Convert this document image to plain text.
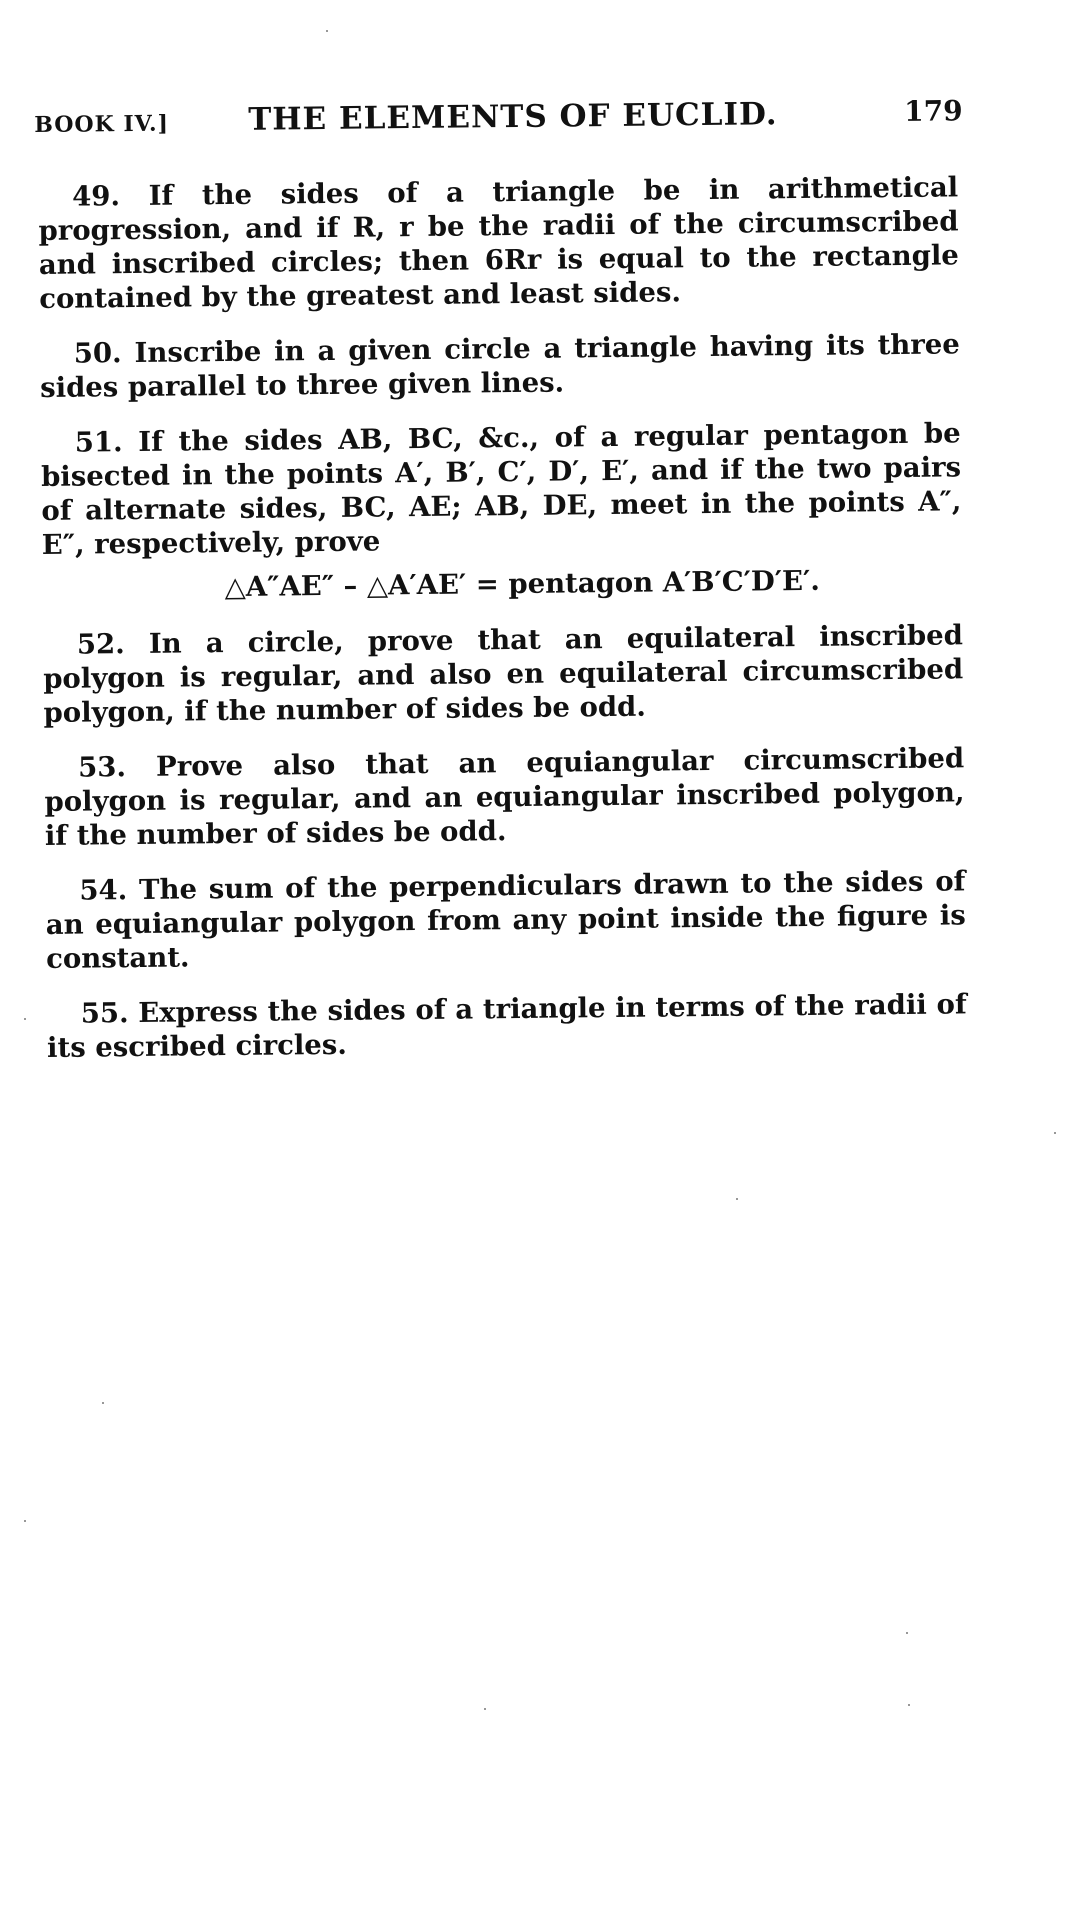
BOOK IV.]	THE ELEMENTS OF EUCLID.	179

49. If the sides of a triangle be in arithmetical progression, and if R, r be the radii of the circumscribed and inscribed circles; then 6Rr is equal to the rectangle contained by the greatest and least sides.

50. Inscribe in a given circle a triangle having its three sides parallel to three given lines.

51. If the sides AB, BC, &c., of a regular pentagon be bisected in the points A′, B′, C′, D′, E′, and if the two pairs of alternate sides, BC, AE; AB, DE, meet in the points A″, E″, respectively, prove

△A″AE″ – △A′AE′ = pentagon A′B′C′D′E′.

52. In a circle, prove that an equilateral inscribed polygon is regular, and also en equilateral circumscribed polygon, if the number of sides be odd.

53. Prove also that an equiangular circumscribed polygon is regular, and an equiangular inscribed polygon, if the number of sides be odd.

54. The sum of the perpendiculars drawn to the sides of an equiangular polygon from any point inside the figure is constant.

55. Express the sides of a triangle in terms of the radii of its escribed circles.
